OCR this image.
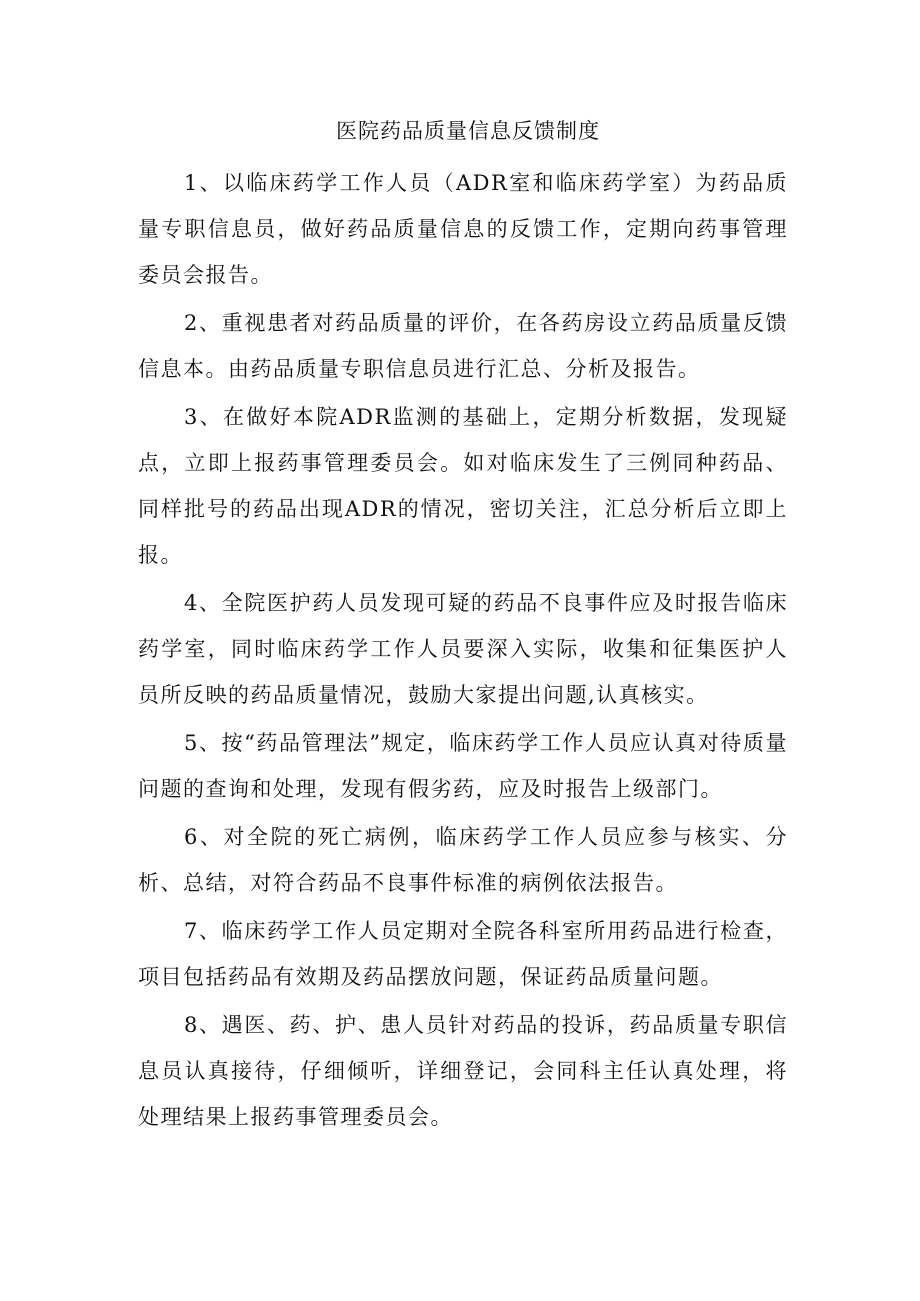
医院药品质量信息反馈制度

1、以临床药学工作人员（ADR室和临床药学室）为药品质量专职信息员，做好药品质量信息的反馈工作，定期向药事管理委员会报告。

2、重视患者对药品质量的评价，在各药房设立药品质量反馈信息本。由药品质量专职信息员进行汇总、分析及报告。

3、在做好本院ADR监测的基础上，定期分析数据，发现疑点，立即上报药事管理委员会。如对临床发生了三例同种药品、同样批号的药品出现ADR的情况，密切关注，汇总分析后立即上报。

4、全院医护药人员发现可疑的药品不良事件应及时报告临床药学室，同时临床药学工作人员要深入实际，收集和征集医护人员所反映的药品质量情况，鼓励大家提出问题,认真核实。

5、按“药品管理法”规定，临床药学工作人员应认真对待质量问题的查询和处理，发现有假劣药，应及时报告上级部门。

6、对全院的死亡病例，临床药学工作人员应参与核实、分析、总结，对符合药品不良事件标准的病例依法报告。

7、临床药学工作人员定期对全院各科室所用药品进行检查，项目包括药品有效期及药品摆放问题，保证药品质量问题。

8、遇医、药、护、患人员针对药品的投诉，药品质量专职信息员认真接待，仔细倾听，详细登记，会同科主任认真处理，将处理结果上报药事管理委员会。
